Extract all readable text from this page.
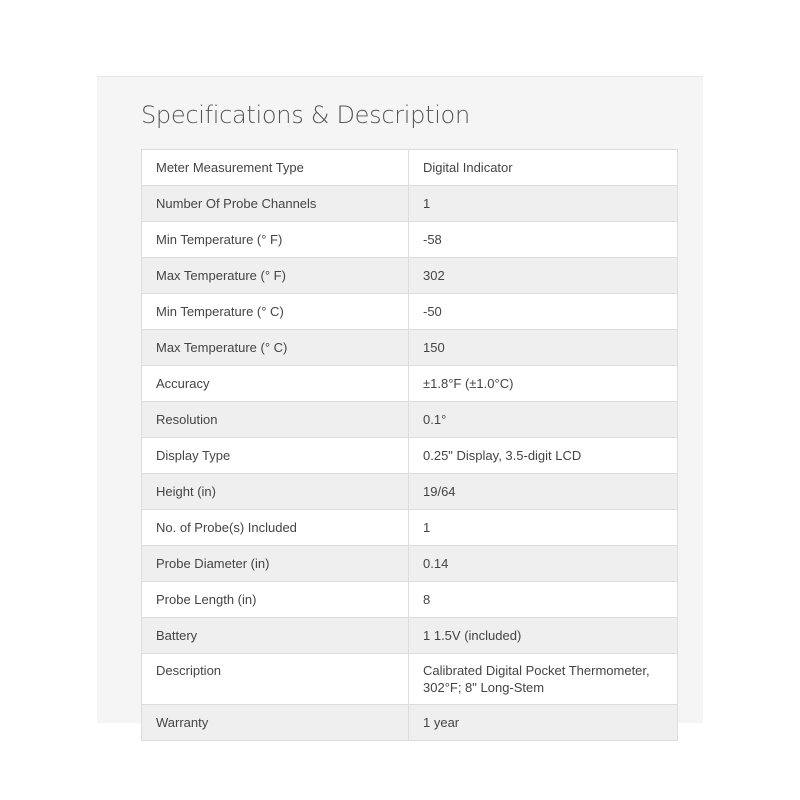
Specifications & Description
Meter Measurement Type	Digital Indicator
Number Of Probe Channels	1
Min Temperature (° F)	-58
Max Temperature (° F)	302
Min Temperature (° C)	-50
Max Temperature (° C)	150
Accuracy	±1.8°F (±1.0°C)
Resolution	0.1°
Display Type	0.25" Display, 3.5-digit LCD
Height (in)	19/64
No. of Probe(s) Included	1
Probe Diameter (in)	0.14
Probe Length (in)	8
Battery	1 1.5V (included)
Description	Calibrated Digital Pocket Thermometer,
302°F; 8" Long-Stem

Warranty	1 year
